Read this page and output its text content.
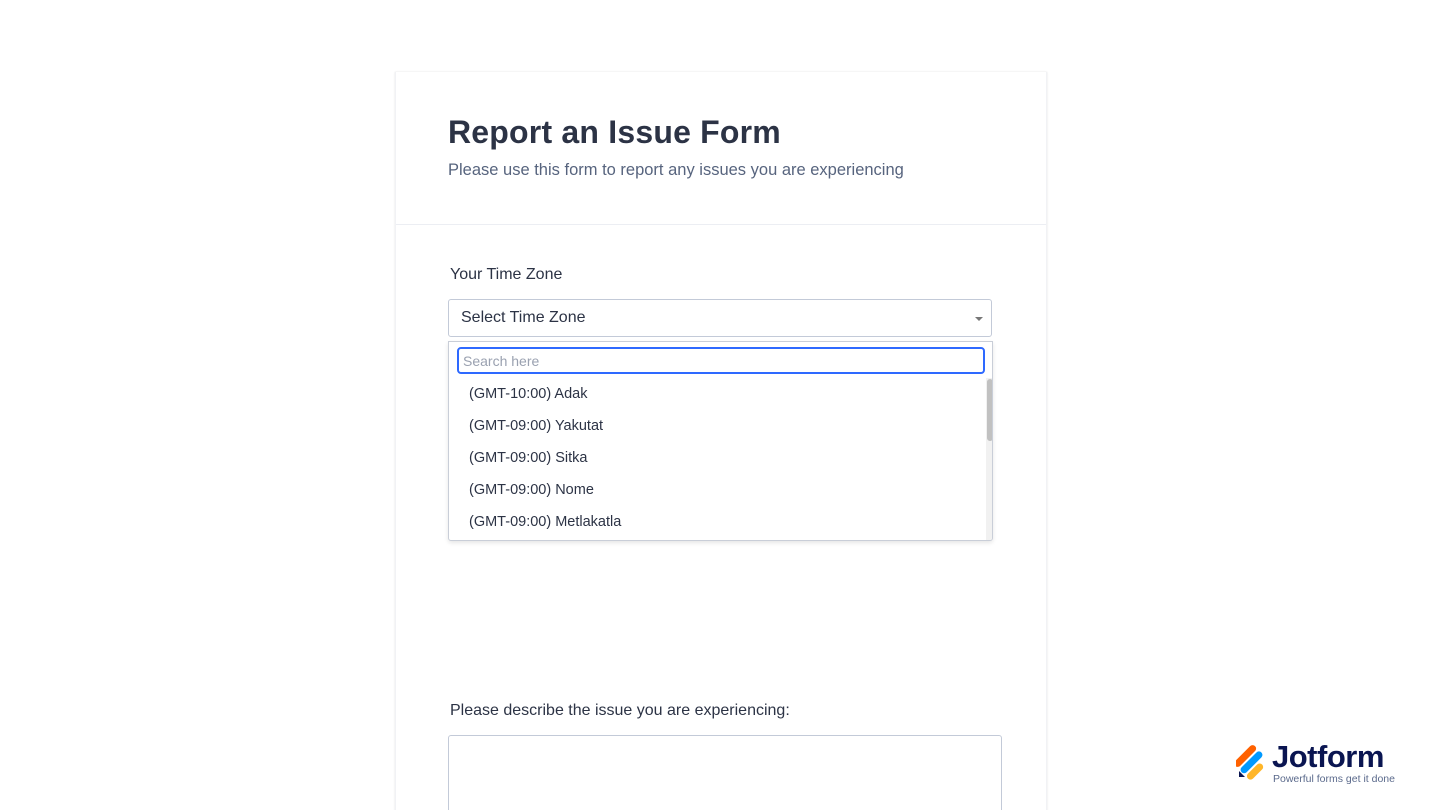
Report an Issue Form

Please use this form to report any issues you are experiencing

Your Time Zone
Select Time Zone
Search here
(GMT-10:00) Adak
(GMT-09:00) Yakutat
(GMT-09:00) Sitka
(GMT-09:00) Nome
(GMT-09:00) Metlakatla
Please describe the issue you are experiencing:
Jotform
Powerful forms get it done
